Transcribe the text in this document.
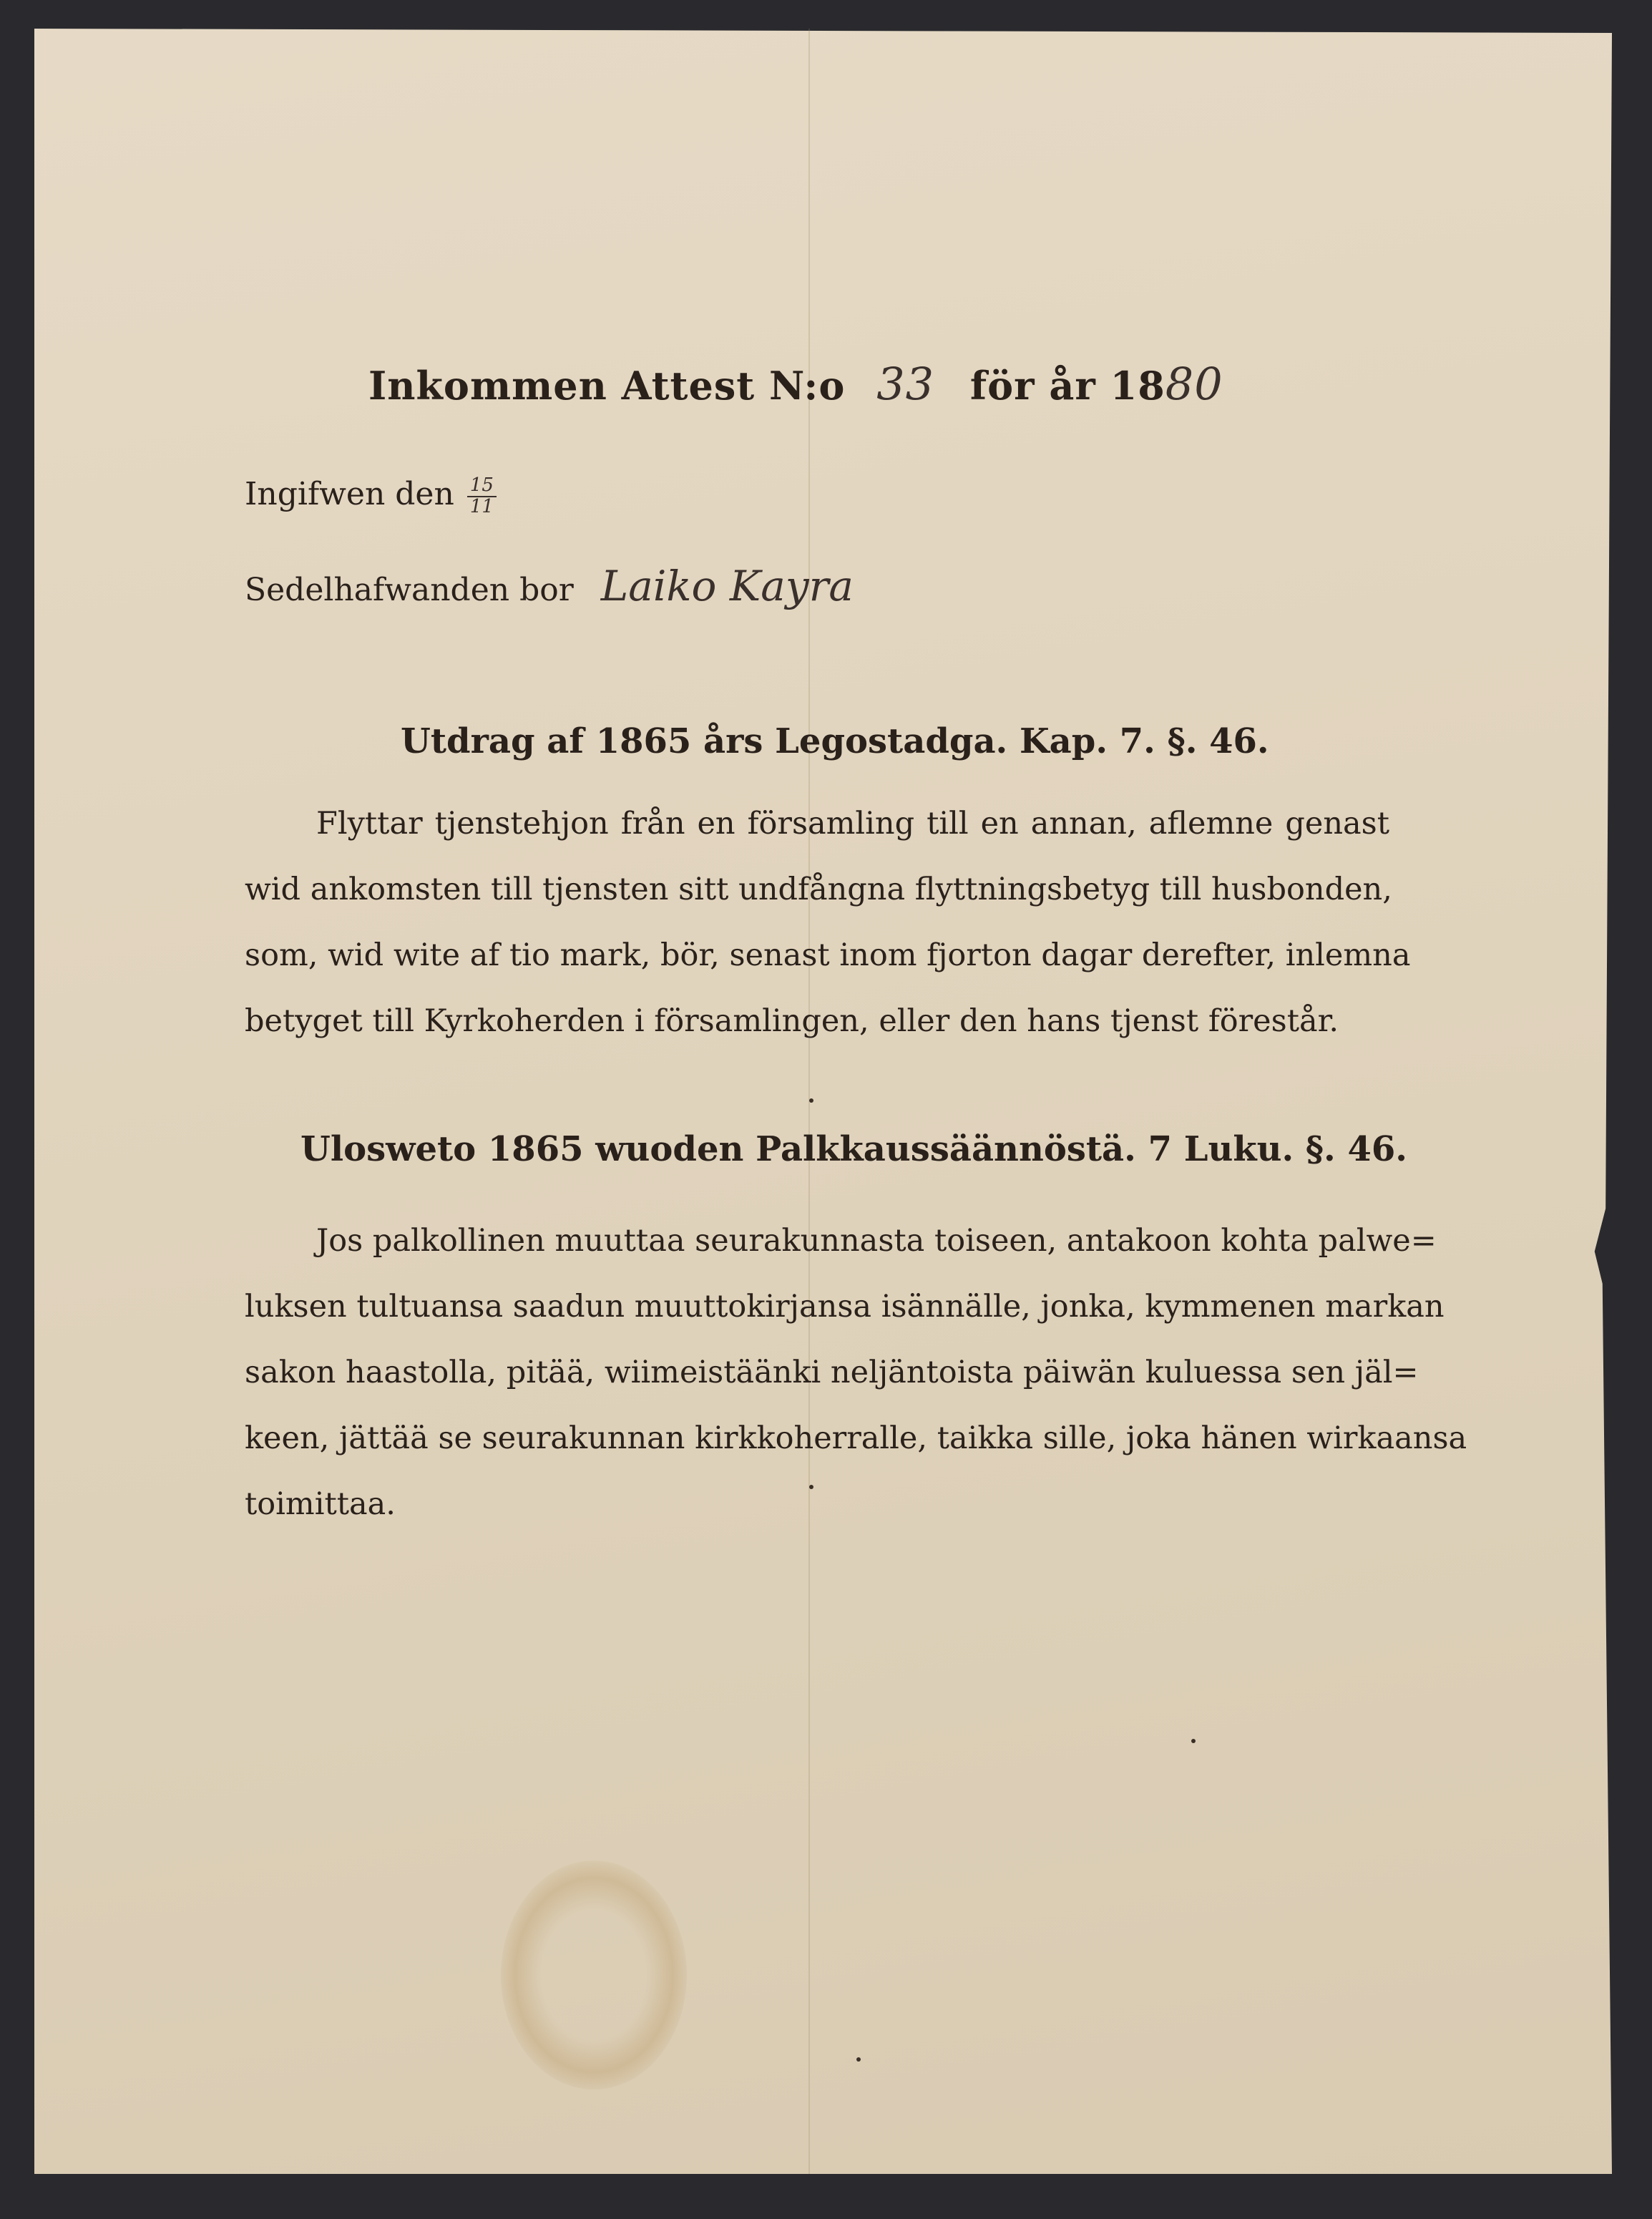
Inkommen Attest N:o 33 för år 1880
Ingifwen den $\frac{15}{11}$
Sedelhafwanden bor Laiko Kayra
Utdrag af 1865 års Legostadga. Kap. 7. §. 46.
Flyttar tjenstehjon från en församling till en annan, aflemne genast
wid ankomsten till tjensten sitt undfångna flyttningsbetyg till husbonden,
som, wid wite af tio mark, bör, senast inom fjorton dagar derefter, inlemna
betyget till Kyrkoherden i församlingen, eller den hans tjenst förestår.
Ulosweto 1865 wuoden Palkkaussäännöstä. 7 Luku. §. 46.
Jos palkollinen muuttaa seurakunnasta toiseen, antakoon kohta palwe=
luksen tultuansa saadun muuttokirjansa isännälle, jonka, kymmenen markan
sakon haastolla, pitää, wiimeistäänki neljäntoista päiwän kuluessa sen jäl=
keen, jättää se seurakunnan kirkkoherralle, taikka sille, joka hänen wirkaansa
toimittaa.
